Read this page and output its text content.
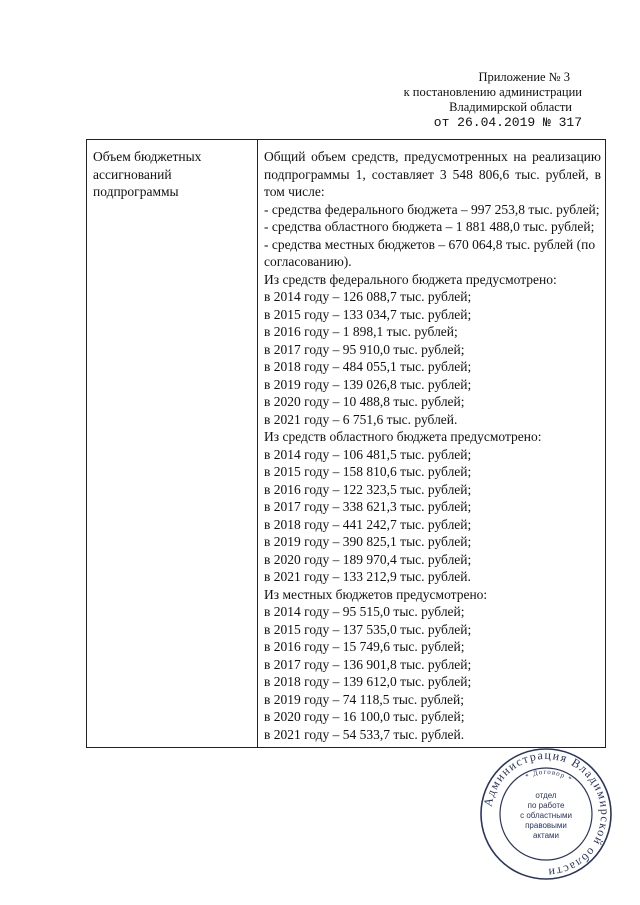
Приложение № 3
к постановлению администрации
Владимирской области
от 26.04.2019 № 317
Объем бюджетных ассигнований подпрограммы	

Общий объем средств, предусмотренных на реализацию подпрограммы 1, составляет 3 548 806,6 тыс. рублей, в том числе:

- средства федерального бюджета – 997 253,8 тыс. рублей;

- средства областного бюджета – 1 881 488,0 тыс. рублей;

- средства местных бюджетов – 670 064,8 тыс. рублей (по согласованию).

Из средств федерального бюджета предусмотрено:

в 2014 году – 126 088,7 тыс. рублей;
в 2015 году – 133 034,7 тыс. рублей;
в 2016 году – 1 898,1 тыс. рублей;
в 2017 году – 95 910,0 тыс. рублей;
в 2018 году – 484 055,1 тыс. рублей;
в 2019 году – 139 026,8 тыс. рублей;
в 2020 году – 10 488,8 тыс. рублей;
в 2021 году – 6 751,6 тыс. рублей.

Из средств областного бюджета предусмотрено:

в 2014 году – 106 481,5 тыс. рублей;
в 2015 году – 158 810,6 тыс. рублей;
в 2016 году – 122 323,5 тыс. рублей;
в 2017 году – 338 621,3 тыс. рублей;
в 2018 году – 441 242,7 тыс. рублей;
в 2019 году – 390 825,1 тыс. рублей;
в 2020 году – 189 970,4 тыс. рублей;
в 2021 году – 133 212,9 тыс. рублей.

Из местных бюджетов предусмотрено:

в 2014 году – 95 515,0 тыс. рублей;
в 2015 году – 137 535,0 тыс. рублей;
в 2016 году – 15 749,6 тыс. рублей;
в 2017 году – 136 901,8 тыс. рублей;
в 2018 году – 139 612,0 тыс. рублей;
в 2019 году – 74 118,5 тыс. рублей;
в 2020 году – 16 100,0 тыс. рублей;
в 2021 году – 54 533,7 тыс. рублей.
Администрация Владимирской области
* Договор *
отдел
по работе
с областными
правовыми
актами
